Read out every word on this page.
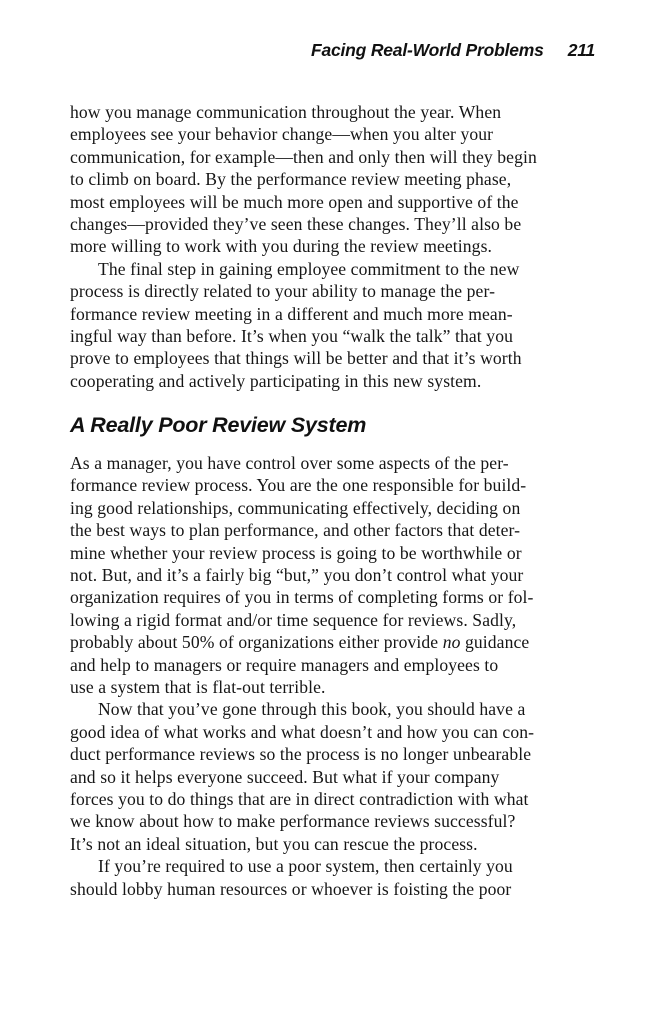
Facing Real-World Problems 211
how you manage communication throughout the year. When
employees see your behavior change—when you alter your
communication, for example—then and only then will they begin
to climb on board. By the performance review meeting phase,
most employees will be much more open and supportive of the
changes—provided they’ve seen these changes. They’ll also be
more willing to work with you during the review meetings.
The final step in gaining employee commitment to the new
process is directly related to your ability to manage the per-
formance review meeting in a different and much more mean-
ingful way than before. It’s when you “walk the talk” that you
prove to employees that things will be better and that it’s worth
cooperating and actively participating in this new system.
A Really Poor Review System
As a manager, you have control over some aspects of the per-
formance review process. You are the one responsible for build-
ing good relationships, communicating effectively, deciding on
the best ways to plan performance, and other factors that deter-
mine whether your review process is going to be worthwhile or
not. But, and it’s a fairly big “but,” you don’t control what your
organization requires of you in terms of completing forms or fol-
lowing a rigid format and/or time sequence for reviews. Sadly,
probably about 50% of organizations either provide no guidance
and help to managers or require managers and employees to
use a system that is flat-out terrible.
Now that you’ve gone through this book, you should have a
good idea of what works and what doesn’t and how you can con-
duct performance reviews so the process is no longer unbearable
and so it helps everyone succeed. But what if your company
forces you to do things that are in direct contradiction with what
we know about how to make performance reviews successful?
It’s not an ideal situation, but you can rescue the process.
If you’re required to use a poor system, then certainly you
should lobby human resources or whoever is foisting the poor
